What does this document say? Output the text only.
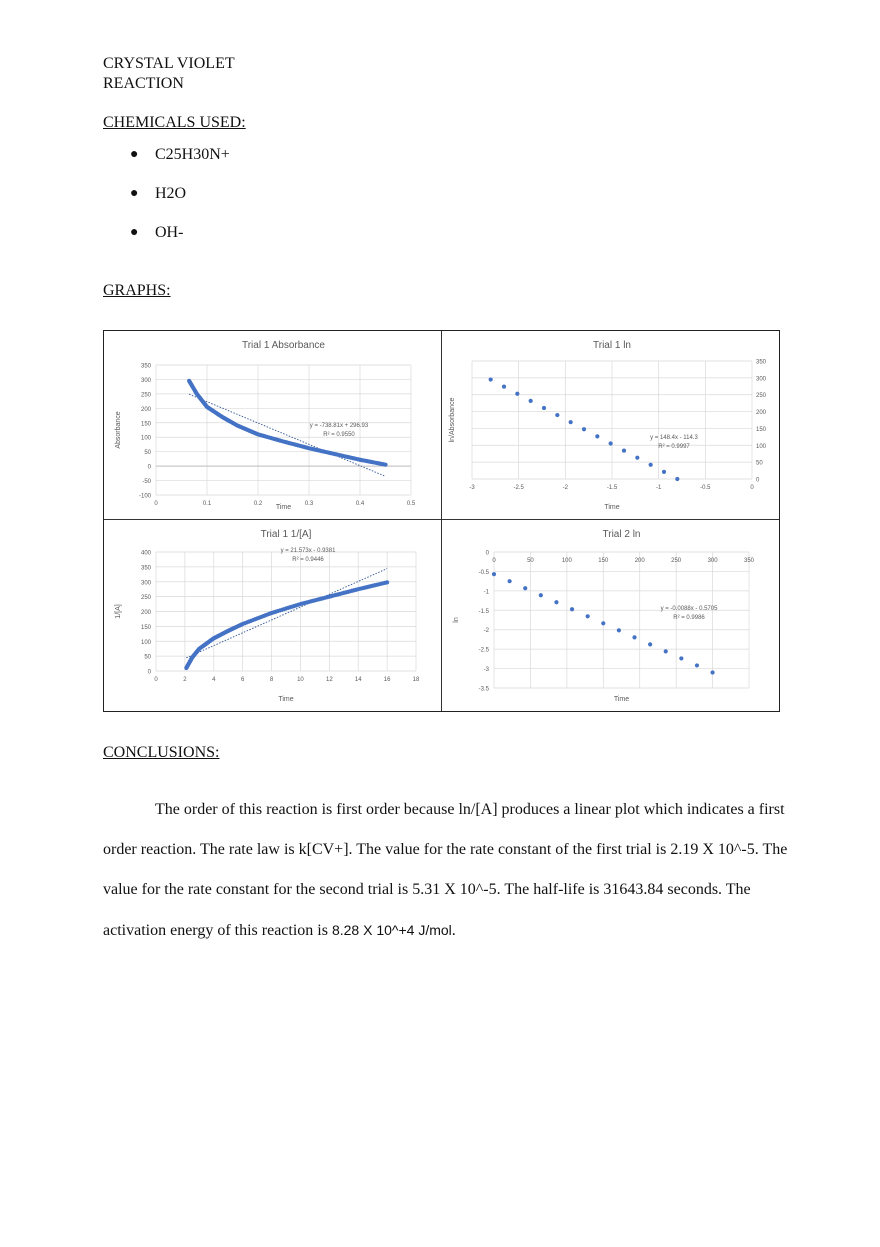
CRYSTAL VIOLET
REACTION
CHEMICALS USED:
●	C25H30N+
●	H2O
●	OH-
GRAPHS:
Trial 1 Absorbance
350
300
250
200
150
100
50
0
-50
-100
0	0.1	0.2	0.3	0.4	0.5
Time
Absorbance	y = -738.81x + 296.93
R² = 0.9550
Trial 1 ln
350
300
250
200
150
100
50
0
-3	-2.5	-2	-1.5	-1	-0.5	0
Time
ln/Absorbance	y = 148.4x - 114.3
R² = 0.9997
Trial 1 1/[A]
400
350
300
250
200
150
100
50
0
0	2	4	6	8	10	12	14	16	18
Time
1/[A]
y = 21.573x - 0.9381
R² = 0.9446
Trial 2 ln
0
-0.5
-1
-1.5
-2
-2.5
-3
-3.5
0	50	100	150	200	250	300	350
Time
ln
y = -0.0088x - 0.5705
R² = 0.9986
CONCLUSIONS:

The order of this reaction is first order because ln/[A] produces a linear plot which indicates a first order reaction. The rate law is k[CV+]. The value for the rate constant of the first trial is 2.19 X 10^-5. The value for the rate constant for the second trial is 5.31 X 10^-5. The half-life is 31643.84 seconds. The activation energy of this reaction is 8.28 X 10^+4 J/mol.
